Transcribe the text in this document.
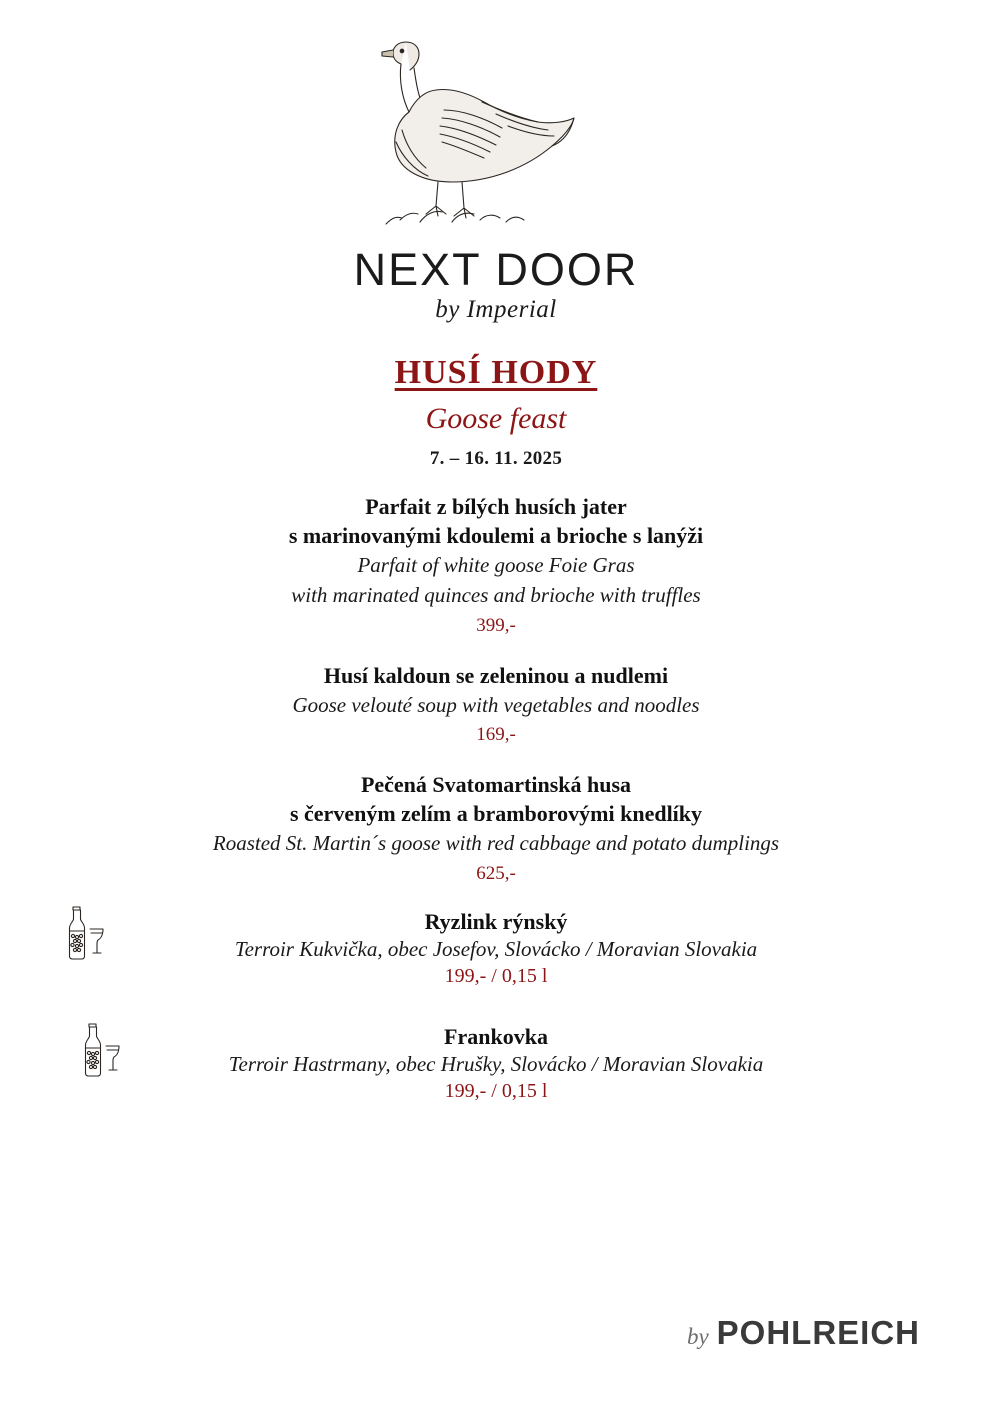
NEXT DOOR
by Imperial
HUSÍ HODY
Goose feast
7. – 16. 11. 2025
Parfait z bílých husích jater
s marinovanými kdoulemi a brioche s lanýži
Parfait of white goose Foie Gras
with marinated quinces and brioche with truffles
399,-
Husí kaldoun se zeleninou a nudlemi
Goose velouté soup with vegetables and noodles
169,-
Pečená Svatomartinská husa
s červeným zelím a bramborovými knedlíky
Roasted St. Martin´s goose with red cabbage and potato dumplings
625,-
Ryzlink rýnský
Terroir Kukvička, obec Josefov, Slovácko / Moravian Slovakia
199,- / 0,15 l
Frankovka
Terroir Hastrmany, obec Hrušky, Slovácko / Moravian Slovakia
199,- / 0,15 l
by POHLREICH
